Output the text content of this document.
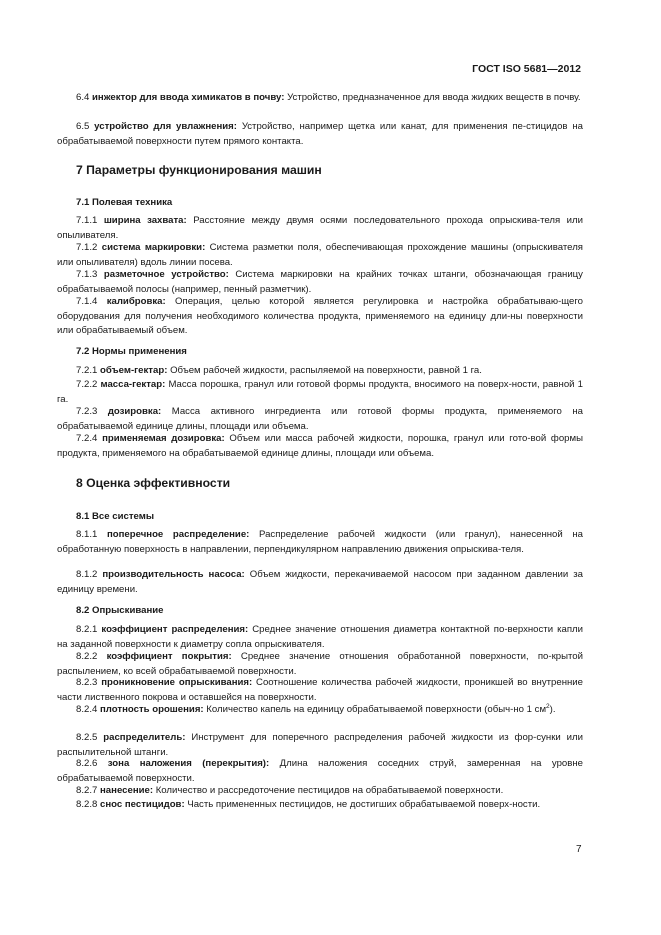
ГОСТ ISO 5681—2012

6.4 инжектор для ввода химикатов в почву: Устройство, предназначенное для ввода жидких веществ в почву.

6.5 устройство для увлажнения: Устройство, например щетка или канат, для применения пе-стицидов на обрабатываемой поверхности путем прямого контакта.

7 Параметры функционирования машин
7.1 Полевая техника

7.1.1 ширина захвата: Расстояние между двумя осями последовательного прохода опрыскива-теля или опыливателя.

7.1.2 система маркировки: Система разметки поля, обеспечивающая прохождение машины (опрыскивателя или опыливателя) вдоль линии посева.

7.1.3 разметочное устройство: Система маркировки на крайних точках штанги, обозначающая границу обрабатываемой полосы (например, пенный разметчик).

7.1.4 калибровка: Операция, целью которой является регулировка и настройка обрабатываю-щего оборудования для получения необходимого количества продукта, применяемого на единицу дли-ны поверхности или обрабатываемый объем.

7.2 Нормы применения

7.2.1 объем-гектар: Объем рабочей жидкости, распыляемой на поверхности, равной 1 га.

7.2.2 масса-гектар: Масса порошка, гранул или готовой формы продукта, вносимого на поверх-ности, равной 1 га.

7.2.3 дозировка: Масса активного ингредиента или готовой формы продукта, применяемого на обрабатываемой единице длины, площади или объема.

7.2.4 применяемая дозировка: Объем или масса рабочей жидкости, порошка, гранул или гото-вой формы продукта, применяемого на обрабатываемой единице длины, площади или объема.

8 Оценка эффективности
8.1 Все системы

8.1.1 поперечное распределение: Распределение рабочей жидкости (или гранул), нанесенной на обработанную поверхность в направлении, перпендикулярном направлению движения опрыскива-теля.

8.1.2 производительность насоса: Объем жидкости, перекачиваемой насосом при заданном давлении за единицу времени.

8.2 Опрыскивание

8.2.1 коэффициент распределения: Среднее значение отношения диаметра контактной по-верхности капли на заданной поверхности к диаметру сопла опрыскивателя.

8.2.2 коэффициент покрытия: Среднее значение отношения обработанной поверхности, по-крытой распылением, ко всей обрабатываемой поверхности.

8.2.3 проникновение опрыскивания: Соотношение количества рабочей жидкости, проникшей во внутренние части лиственного покрова и оставшейся на поверхности.

8.2.4 плотность орошения: Количество капель на единицу обрабатываемой поверхности (обыч-но 1 $см^2$).

8.2.5 распределитель: Инструмент для поперечного распределения рабочей жидкости из фор-сунки или распылительной штанги.

8.2.6 зона наложения (перекрытия): Длина наложения соседних струй, замеренная на уровне обрабатываемой поверхности.

8.2.7 нанесение: Количество и рассредоточение пестицидов на обрабатываемой поверхности.

8.2.8 снос пестицидов: Часть примененных пестицидов, не достигших обрабатываемой поверх-ности.

7
